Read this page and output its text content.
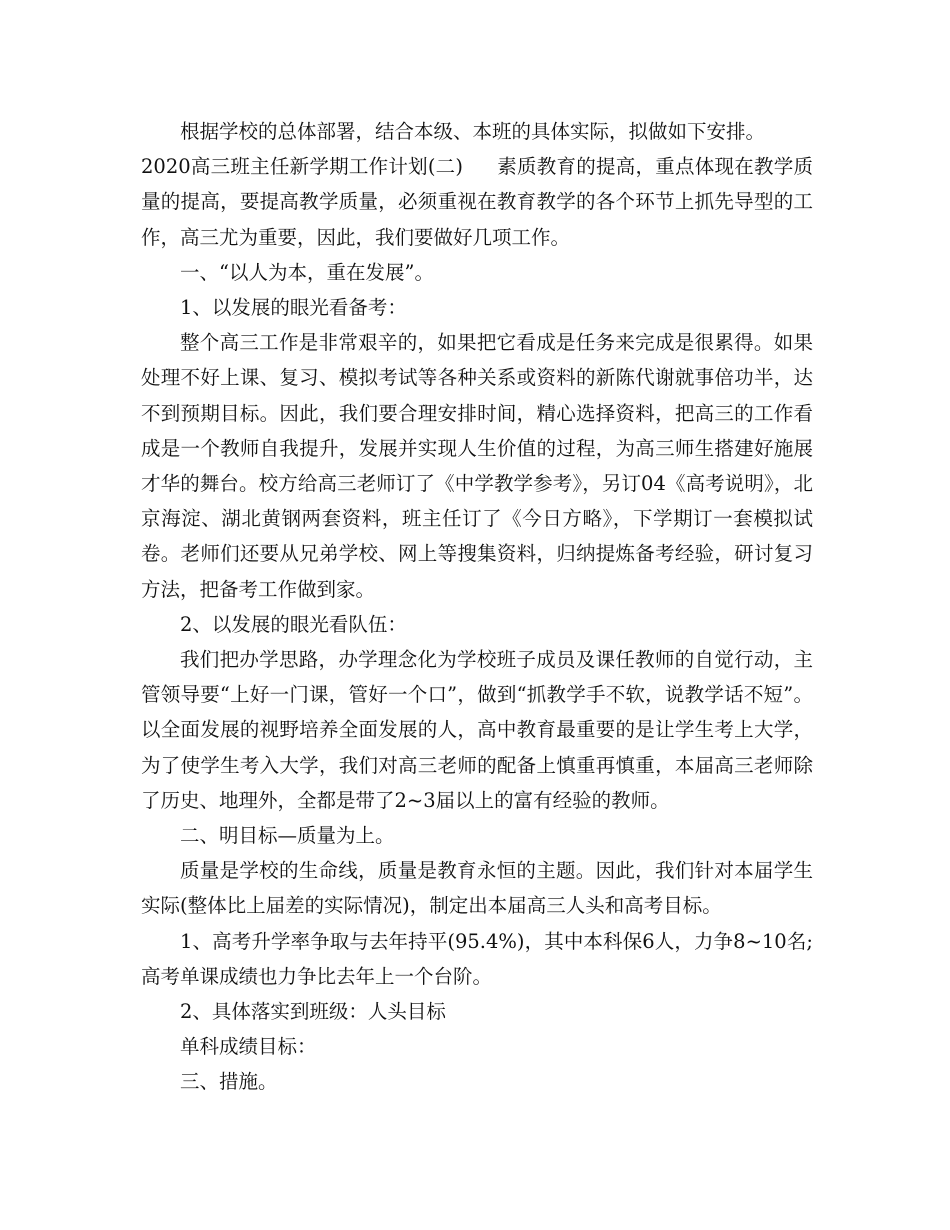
根据学校的总体部署，结合本级、本班的具体实际，拟做如下安排。

2020高三班主任新学期工作计划(二) 素质教育的提高，重点体现在教学质量的提高，要提高教学质量，必须重视在教育教学的各个环节上抓先导型的工作，高三尤为重要，因此，我们要做好几项工作。

一、“以人为本，重在发展”。

1、以发展的眼光看备考：

整个高三工作是非常艰辛的，如果把它看成是任务来完成是很累得。如果处理不好上课、复习、模拟考试等各种关系或资料的新陈代谢就事倍功半，达不到预期目标。因此，我们要合理安排时间，精心选择资料，把高三的工作看成是一个教师自我提升，发展并实现人生价值的过程，为高三师生搭建好施展才华的舞台。校方给高三老师订了《中学教学参考》，另订04《高考说明》，北京海淀、湖北黄钢两套资料，班主任订了《今日方略》，下学期订一套模拟试卷。老师们还要从兄弟学校、网上等搜集资料，归纳提炼备考经验，研讨复习方法，把备考工作做到家。

2、以发展的眼光看队伍：

我们把办学思路，办学理念化为学校班子成员及课任教师的自觉行动，主管领导要“上好一门课，管好一个口”，做到“抓教学手不软，说教学话不短”。以全面发展的视野培养全面发展的人，高中教育最重要的是让学生考上大学，为了使学生考入大学，我们对高三老师的配备上慎重再慎重，本届高三老师除了历史、地理外，全都是带了2~3届以上的富有经验的教师。

二、明目标—质量为上。

质量是学校的生命线，质量是教育永恒的主题。因此，我们针对本届学生实际(整体比上届差的实际情况)，制定出本届高三人头和高考目标。

1、高考升学率争取与去年持平(95.4%)，其中本科保6人，力争8~10名;高考单课成绩也力争比去年上一个台阶。

2、具体落实到班级：人头目标

单科成绩目标：

三、措施。
